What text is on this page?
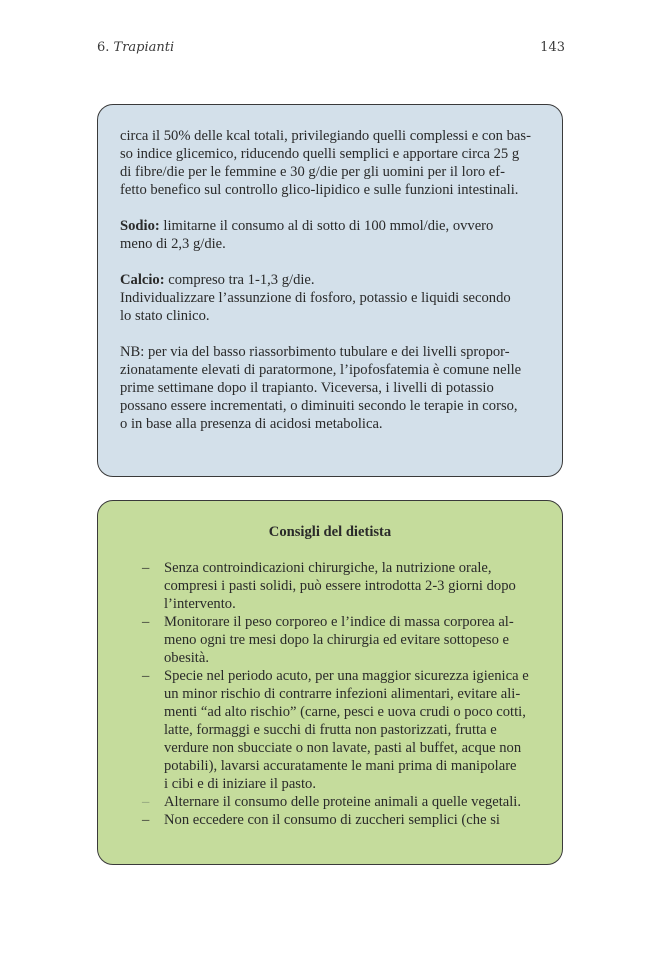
6. Trapianti	143

circa il 50% delle kcal totali, privilegiando quelli complessi e con bas-
so indice glicemico, riducendo quelli semplici e apportare circa 25 g
di fibre/die per le femmine e 30 g/die per gli uomini per il loro ef-
fetto benefico sul controllo glico-lipidico e sulle funzioni intestinali.

Sodio: limitarne il consumo al di sotto di 100 mmol/die, ovvero
meno di 2,3 g/die.

Calcio: compreso tra 1-1,3 g/die.
Individualizzare l’assunzione di fosforo, potassio e liquidi secondo
lo stato clinico.

NB: per via del basso riassorbimento tubulare e dei livelli spropor-
zionatamente elevati di paratormone, l’ipofosfatemia è comune nelle
prime settimane dopo il trapianto. Viceversa, i livelli di potassio
possano essere incrementati, o diminuiti secondo le terapie in corso,
o in base alla presenza di acidosi metabolica.

Consigli del dietista
– Senza controindicazioni chirurgiche, la nutrizione orale,
compresi i pasti solidi, può essere introdotta 2-3 giorni dopo
l’intervento.
– Monitorare il peso corporeo e l’indice di massa corporea al-
meno ogni tre mesi dopo la chirurgia ed evitare sottopeso e
obesità.
– Specie nel periodo acuto, per una maggior sicurezza igienica e
un minor rischio di contrarre infezioni alimentari, evitare ali-
menti “ad alto rischio” (carne, pesci e uova crudi o poco cotti,
latte, formaggi e succhi di frutta non pastorizzati, frutta e
verdure non sbucciate o non lavate, pasti al buffet, acque non
potabili), lavarsi accuratamente le mani prima di manipolare
i cibi e di iniziare il pasto.
– Alternare il consumo delle proteine animali a quelle vegetali.
– Non eccedere con il consumo di zuccheri semplici (che si
